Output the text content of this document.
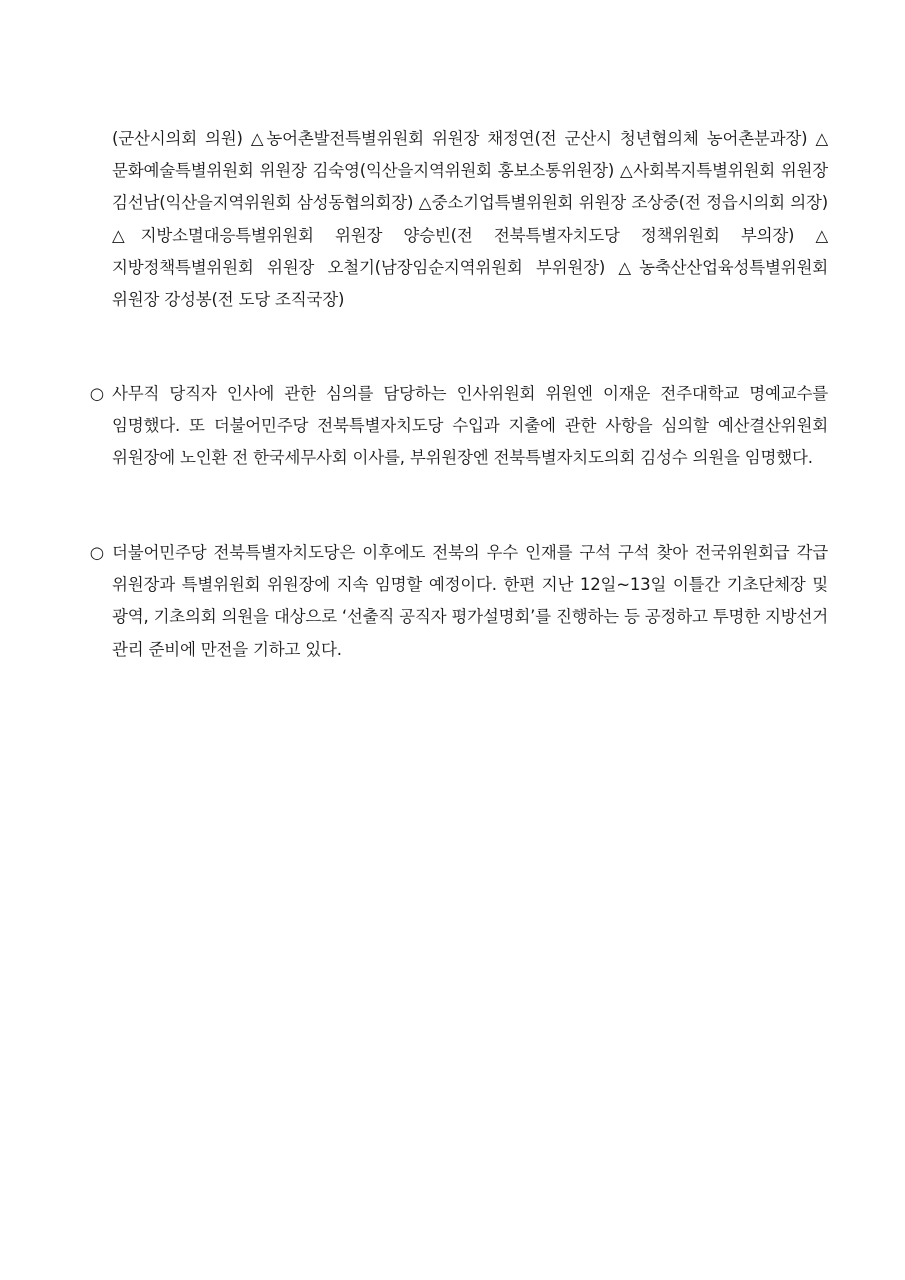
(군산시의회 의원) △농어촌발전특별위원회 위원장 채정연(전 군산시 청년협의체 농어촌분과장) △문화예술특별위원회 위원장 김숙영(익산을지역위원회 홍보소통위원장) △사회복지특별위원회 위원장 김선남(익산을지역위원회 삼성동협의회장) △중소기업특별위원회 위원장 조상중(전 정읍시의회 의장) △지방소멸대응특별위원회 위원장 양승빈(전 전북특별자치도당 정책위원회 부의장) △지방정책특별위원회 위원장 오철기(남장임순지역위원회 부위원장) △농축산산업육성특별위원회 위원장 강성봉(전 도당 조직국장)
○ 사무직 당직자 인사에 관한 심의를 담당하는 인사위원회 위원엔 이재운 전주대학교 명예교수를 임명했다. 또 더불어민주당 전북특별자치도당 수입과 지출에 관한 사항을 심의할 예산결산위원회 위원장에 노인환 전 한국세무사회 이사를, 부위원장엔 전북특별자치도의회 김성수 의원을 임명했다.
○ 더불어민주당 전북특별자치도당은 이후에도 전북의 우수 인재를 구석 구석 찾아 전국위원회급 각급 위원장과 특별위원회 위원장에 지속 임명할 예정이다. 한편 지난 12일~13일 이틀간 기초단체장 및 광역, 기초의회 의원을 대상으로 ‘선출직 공직자 평가설명회’를 진행하는 등 공정하고 투명한 지방선거 관리 준비에 만전을 기하고 있다.
